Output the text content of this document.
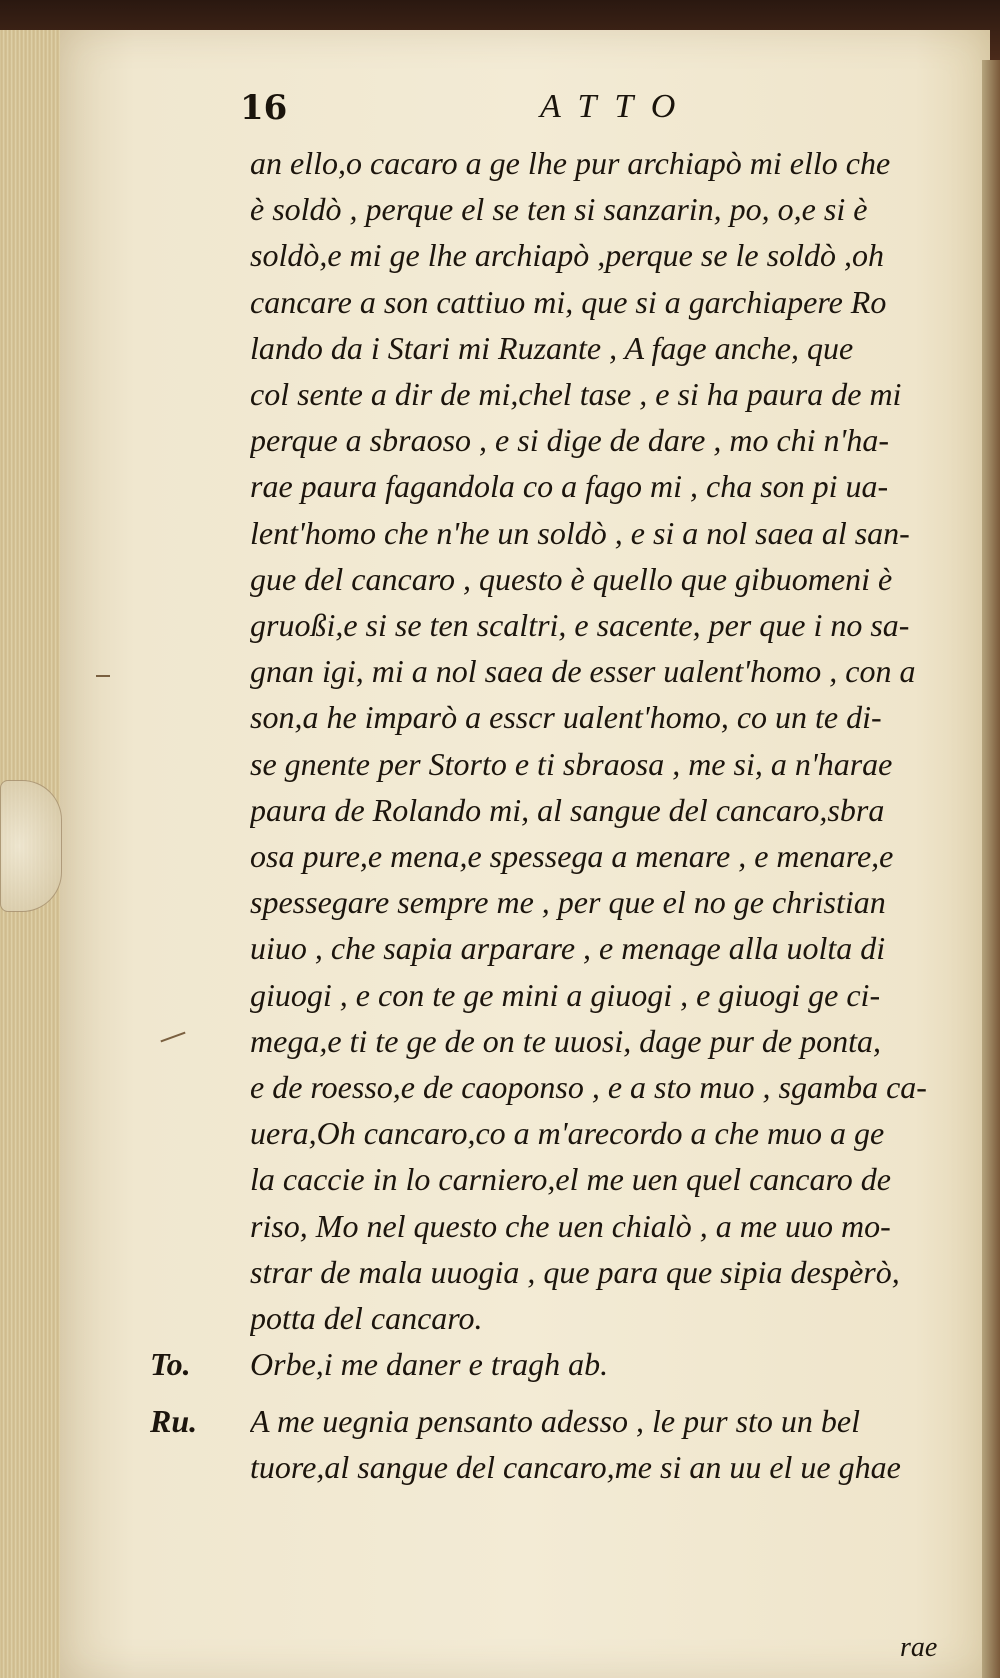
16	ATTO
an ello,o cacaro a ge lhe pur archiapò mi ello che
è soldò , perque el se ten si sanzarin, po, o,e si è
soldò,e mi ge lhe archiapò ,perque se le soldò ,oh
cancare a son cattiuo mi, que si a garchiapere Ro
lando da i Stari mi Ruzante , A fage anche, que
col sente a dir de mi,chel tase , e si ha paura de mi
perque a sbraoso , e si dige de dare , mo chi n'ha-
rae paura fagandola co a fago mi , cha son pi ua-
lent'homo che n'he un soldò , e si a nol saea al san-
gue del cancaro , questo è quello que gibuomeni è
gruoßi,e si se ten scaltri, e sacente, per que i no sa-
gnan igi, mi a nol saea de esser ualent'homo , con a
son,a he imparò a esscr ualent'homo, co un te di-
se gnente per Storto e ti sbraosa , me si, a n'harae
paura de Rolando mi, al sangue del cancaro,sbra
osa pure,e mena,e spessega a menare , e menare,e
spessegare sempre me , per que el no ge christian
uiuo , che sapia arparare , e menage alla uolta di
giuogi , e con te ge mini a giuogi , e giuogi ge ci-
mega,e ti te ge de on te uuosi, dage pur de ponta,
e de roesso,e de caoponso , e a sto muo , sgamba ca-
uera,Oh cancaro,co a m'arecordo a che muo a ge
la caccie in lo carniero,el me uen quel cancaro de
riso, Mo nel questo che uen chialò , a me uuo mo-
strar de mala uuogia , que para que sipia despèrò,
potta del cancaro.
To. Orbe,i me daner e tragh ab.
Ru. A me uegnia pensanto adesso , le pur sto un bel
tuore,al sangue del cancaro,me si an uu el ue ghae
rae
